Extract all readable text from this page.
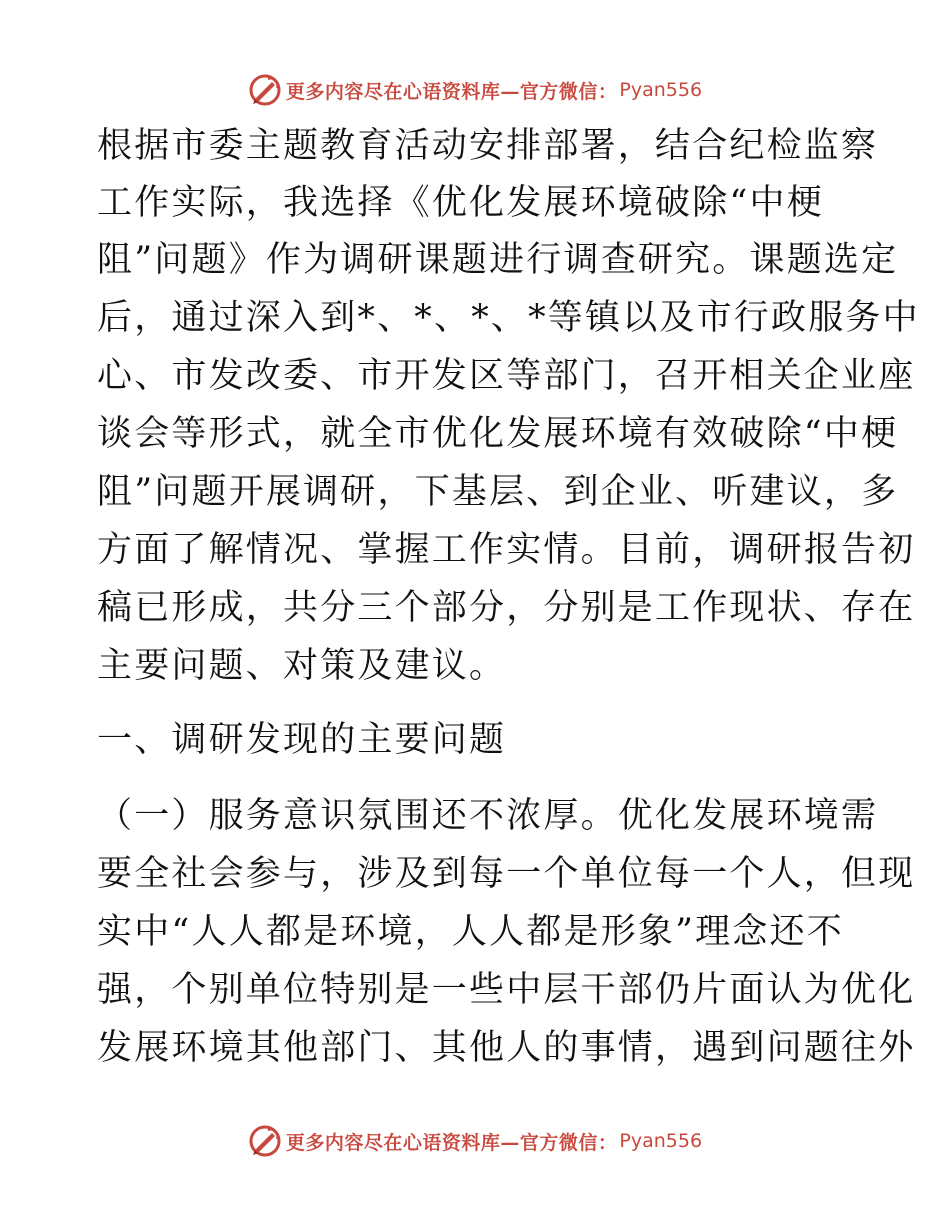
更多内容尽在心语资料库—官方微信： Pyan556
根据市委主题教育活动安排部署，结合纪检监察
工作实际，我选择《优化发展环境破除“中梗
阻”问题》作为调研课题进行调查研究。课题选定
后，通过深入到*、*、*、*等镇以及市行政服务中
心、市发改委、市开发区等部门，召开相关企业座
谈会等形式，就全市优化发展环境有效破除“中梗
阻”问题开展调研，下基层、到企业、听建议，多
方面了解情况、掌握工作实情。目前，调研报告初
稿已形成，共分三个部分，分别是工作现状、存在
主要问题、对策及建议。
一、调研发现的主要问题
（一）服务意识氛围还不浓厚。优化发展环境需
要全社会参与，涉及到每一个单位每一个人，但现
实中“人人都是环境，人人都是形象”理念还不
强，个别单位特别是一些中层干部仍片面认为优化
发展环境其他部门、其他人的事情，遇到问题往外
更多内容尽在心语资料库—官方微信： Pyan556
